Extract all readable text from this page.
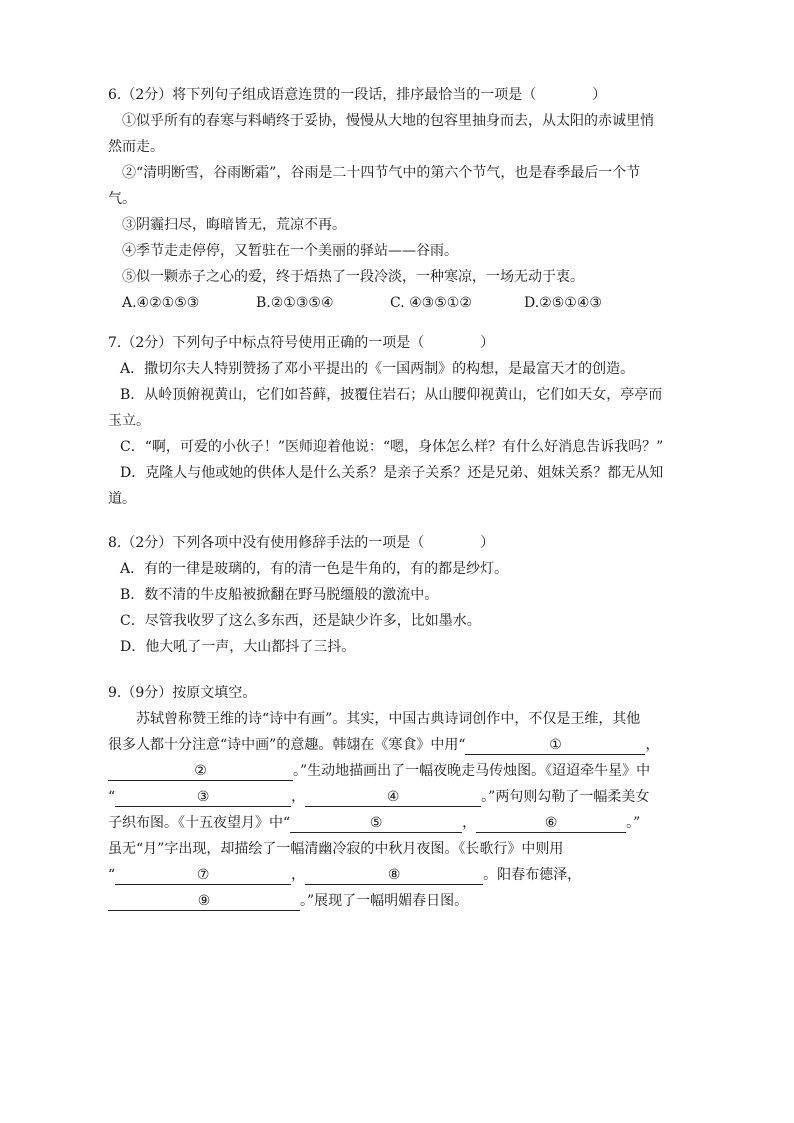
6.（2分）将下列句子组成语意连贯的一段话，排序最恰当的一项是（　　　　）
①似乎所有的春寒与料峭终于妥协，慢慢从大地的包容里抽身而去，从太阳的赤诚里悄
然而走。
②“清明断雪，谷雨断霜”，谷雨是二十四节气中的第六个节气，也是春季最后一个节
气。
③阴霾扫尽，晦暗皆无，荒凉不再。
④季节走走停停，又暂驻在一个美丽的驿站——谷雨。
⑤似一颗赤子之心的爱，终于焐热了一段冷淡，一种寒凉，一场无动于衷。
A.④②①⑤③	B.②①③⑤④	C. ④③⑤①②	D.②⑤①④③
7.（2分）下列句子中标点符号使用正确的一项是（　　　　）
A．撒切尔夫人特别赞扬了邓小平提出的《一国两制》的构想，是最富天才的创造。
B．从岭顶俯视黄山，它们如苔藓，披覆住岩石；从山腰仰视黄山，它们如天女，亭亭而
玉立。
C．“啊，可爱的小伙子！”医师迎着他说：“嗯，身体怎么样？有什么好消息告诉我吗？”
D．克隆人与他或她的供体人是什么关系？是亲子关系？还是兄弟、姐妹关系？都无从知
道。
8.（2分）下列各项中没有使用修辞手法的一项是（　　　　）
A．有的一律是玻璃的，有的清一色是牛角的，有的都是纱灯。
B．数不清的牛皮船被掀翻在野马脱缰般的激流中。
C．尽管我收罗了这么多东西，还是缺少许多，比如墨水。
D．他大吼了一声，大山都抖了三抖。
9.（9分）按原文填空。
苏轼曾称赞王维的诗“诗中有画”。其实，中国古典诗词创作中，不仅是王维，其他
很多人都十分注意“诗中画”的意趣。韩翃在《寒食》中用“	①	，
②	。”生动地描画出了一幅夜晚走马传烛图。《迢迢牵牛星》中
“	③	，	④	。”两句则勾勒了一幅柔美女
子织布图。《十五夜望月》中“	⑤	，	⑥	。”
虽无“月”字出现，却描绘了一幅清幽冷寂的中秋月夜图。《长歌行》中则用
“	⑦	，	⑧	。阳春布德泽，
⑨	。”展现了一幅明媚春日图。
